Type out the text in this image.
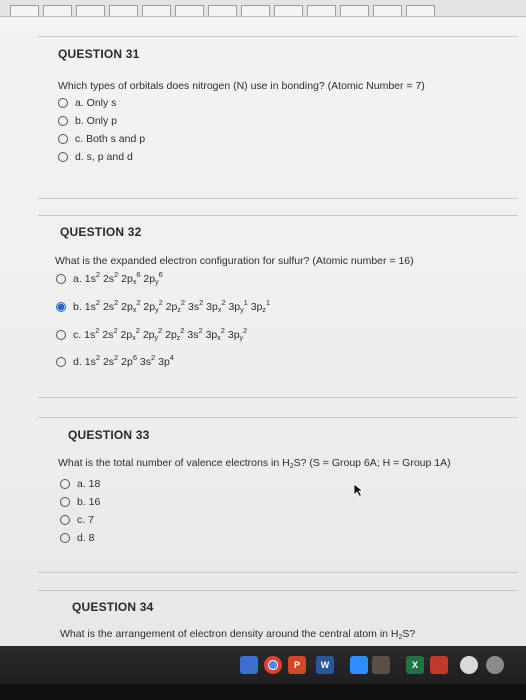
QUESTION 31
Which types of orbitals does nitrogen (N) use in bonding? (Atomic Number = 7)
a. Only s
b. Only p
c. Both s and p
d. s, p and d
QUESTION 32
What is the expanded electron configuration for sulfur? (Atomic number = 16)
a. $1s^2$ $2s^2$ $2p_x^6$ $2p_y^6$
b. $1s^2$ $2s^2$ $2p_x^2$ $2p_y^2$ $2p_z^2$ $3s^2$ $3p_x^2$ $3p_y^1$ $3p_z^1$
c. $1s^2$ $2s^2$ $2p_x^2$ $2p_y^2$ $2p_z^2$ $3s^2$ $3p_x^2$ $3p_y^2$
d. $1s^2$ $2s^2$ $2p^6$ $3s^2$ $3p^4$
QUESTION 33
What is the total number of valence electrons in $H_2S$? (S = Group 6A; H = Group 1A)
a. 18
b. 16
c. 7
d. 8
QUESTION 34
What is the arrangement of electron density around the central atom in $H_2S$?
P	W	X
